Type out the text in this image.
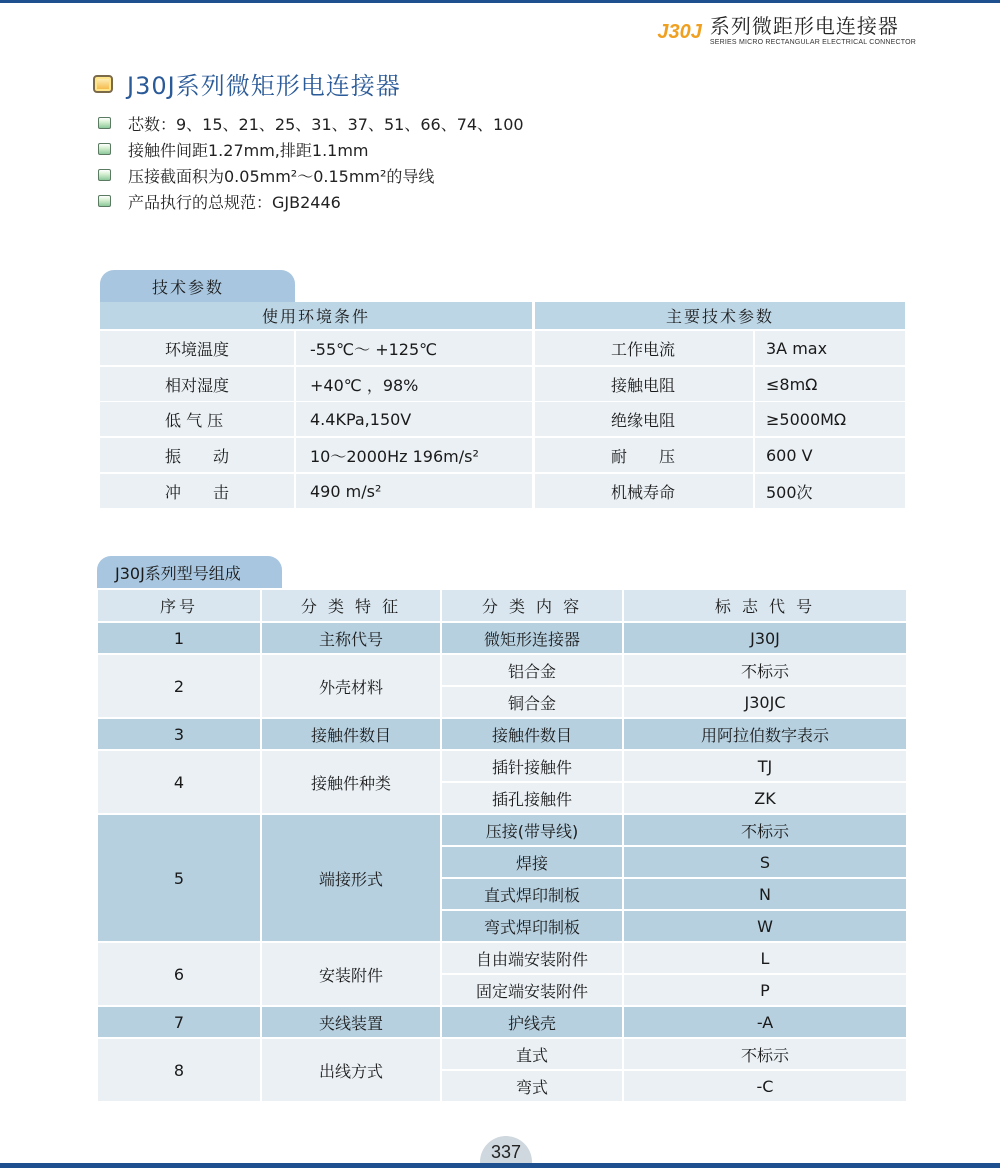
J30J 系列微距形电连接器
SERIES MICRO RECTANGULAR ELECTRICAL CONNECTOR
J30J系列微矩形电连接器
芯数：9、15、21、25、31、37、51、66、74、100
接触件间距1.27mm,排距1.1mm
压接截面积为0.05mm²～0.15mm²的导线
产品执行的总规范：GJB2446
技术参数
使用环境条件	主要技术参数
环境温度	-55℃～ +125℃	工作电流	3A max
相对湿度	+40℃ ，98%	接触电阻	≤8mΩ
低 气 压	4.4KPa,150V	绝缘电阻	≥5000MΩ
振　　动	10～2000Hz 196m/s²	耐　　压	600 V
冲　　击	490 m/s²	机械寿命	500次
J30J系列型号组成
序号	分 类 特 征	分 类 内 容	标 志 代 号
1	主称代号	微矩形连接器	J30J
2	外壳材料	铝合金	不标示
		铜合金	J30JC
3	接触件数目	接触件数目	用阿拉伯数字表示
4	接触件种类	插针接触件	TJ
		插孔接触件	ZK
5	端接形式	压接(带导线)	不标示
		焊接	S
		直式焊印制板	N
		弯式焊印制板	W
6	安装附件	自由端安装附件	L
		固定端安装附件	P
7	夹线装置	护线壳	-A
8	出线方式	直式	不标示
		弯式	-C
337
